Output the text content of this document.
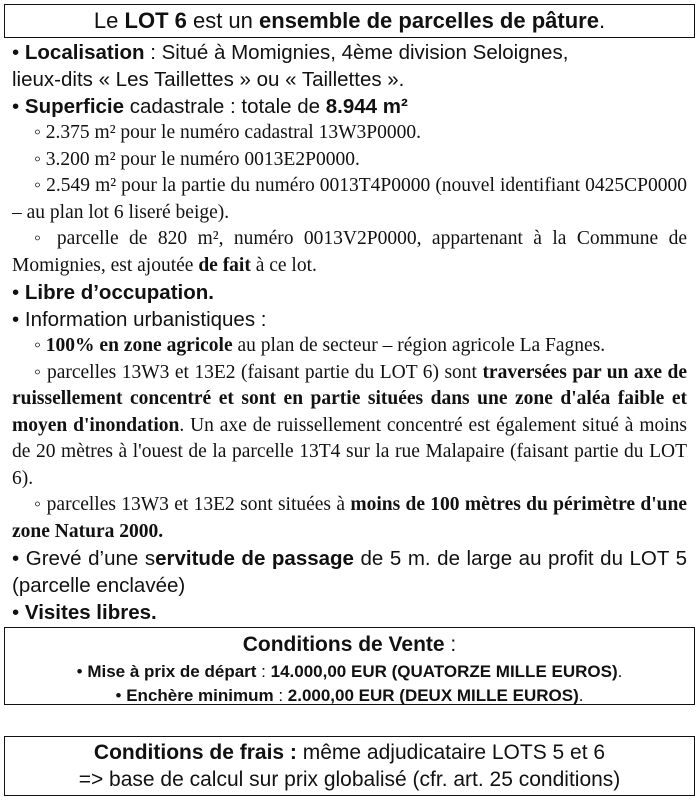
Le LOT 6 est un ensemble de parcelles de pâture.
• Localisation : Situé à Momignies, 4ème division Seloignes,
lieux-dits « Les Taillettes » ou « Taillettes ».
• Superficie cadastrale : totale de 8.944 m²
◦ 2.375 m² pour le numéro cadastral 13W3P0000.
◦ 3.200 m² pour le numéro 0013E2P0000.
◦ 2.549 m² pour la partie du numéro 0013T4P0000 (nouvel identifiant 0425CP0000 – au plan lot 6 liseré beige).
◦ parcelle de 820 m², numéro 0013V2P0000, appartenant à la Commune de Momignies, est ajoutée de fait à ce lot.
• Libre d’occupation.
• Information urbanistiques :
◦ 100% en zone agricole au plan de secteur – région agricole La Fagnes.
◦ parcelles 13W3 et 13E2 (faisant partie du LOT 6) sont traversées par un axe de ruissellement concentré et sont en partie situées dans une zone d'aléa faible et moyen d'inondation. Un axe de ruissellement concentré est également situé à moins de 20 mètres à l'ouest de la parcelle 13T4 sur la rue Malapaire (faisant partie du LOT 6).
◦ parcelles 13W3 et 13E2 sont situées à moins de 100 mètres du périmètre d'une zone Natura 2000.
• Grevé d’une servitude de passage de 5 m. de large au profit du LOT 5 (parcelle enclavée)
• Visites libres.
Conditions de Vente :
• Mise à prix de départ : 14.000,00 EUR (QUATORZE MILLE EUROS).
• Enchère minimum : 2.000,00 EUR (DEUX MILLE EUROS).
Conditions de frais : même adjudicataire LOTS 5 et 6
=> base de calcul sur prix globalisé (cfr. art. 25 conditions)
